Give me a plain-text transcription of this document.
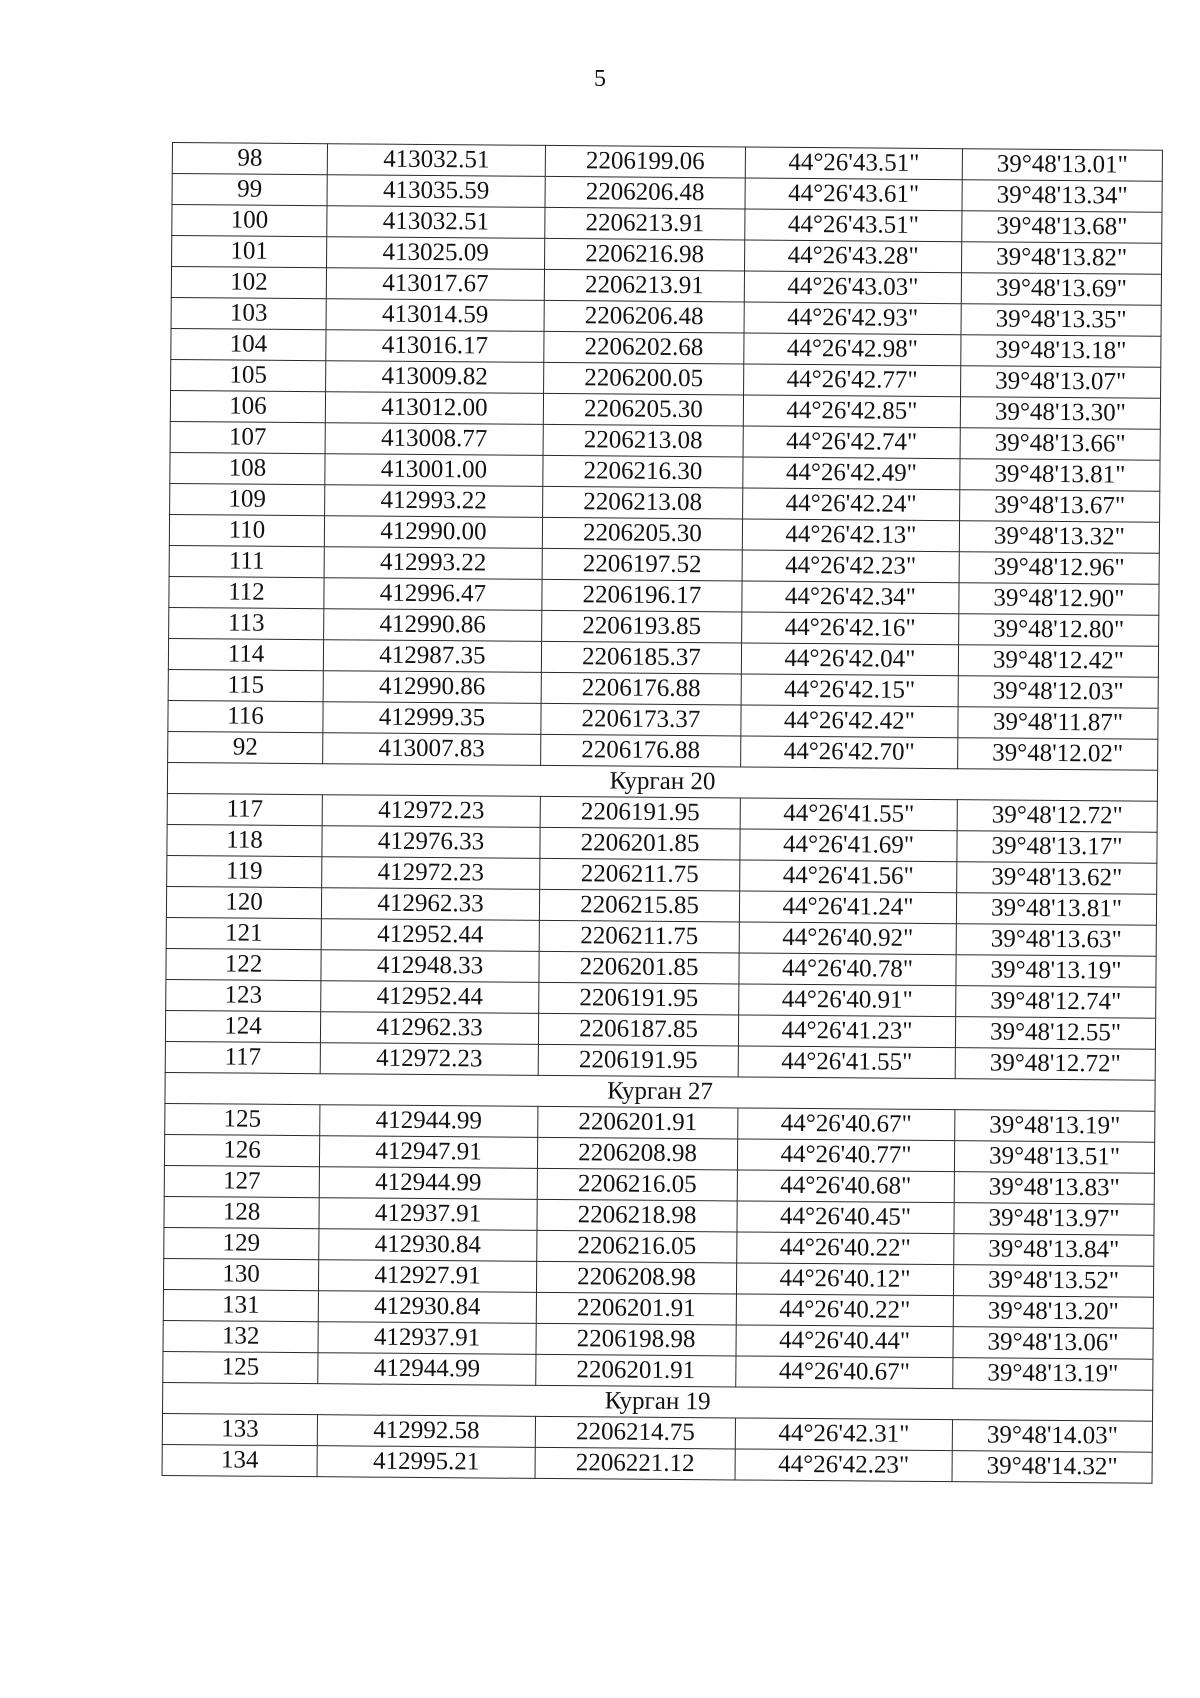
5
98	413032.51	2206199.06	44°26'43.51"	39°48'13.01"
99	413035.59	2206206.48	44°26'43.61"	39°48'13.34"
100	413032.51	2206213.91	44°26'43.51"	39°48'13.68"
101	413025.09	2206216.98	44°26'43.28"	39°48'13.82"
102	413017.67	2206213.91	44°26'43.03"	39°48'13.69"
103	413014.59	2206206.48	44°26'42.93"	39°48'13.35"
104	413016.17	2206202.68	44°26'42.98"	39°48'13.18"
105	413009.82	2206200.05	44°26'42.77"	39°48'13.07"
106	413012.00	2206205.30	44°26'42.85"	39°48'13.30"
107	413008.77	2206213.08	44°26'42.74"	39°48'13.66"
108	413001.00	2206216.30	44°26'42.49"	39°48'13.81"
109	412993.22	2206213.08	44°26'42.24"	39°48'13.67"
110	412990.00	2206205.30	44°26'42.13"	39°48'13.32"
111	412993.22	2206197.52	44°26'42.23"	39°48'12.96"
112	412996.47	2206196.17	44°26'42.34"	39°48'12.90"
113	412990.86	2206193.85	44°26'42.16"	39°48'12.80"
114	412987.35	2206185.37	44°26'42.04"	39°48'12.42"
115	412990.86	2206176.88	44°26'42.15"	39°48'12.03"
116	412999.35	2206173.37	44°26'42.42"	39°48'11.87"
92	413007.83	2206176.88	44°26'42.70"	39°48'12.02"
Курган 20				
117	412972.23	2206191.95	44°26'41.55"	39°48'12.72"
118	412976.33	2206201.85	44°26'41.69"	39°48'13.17"
119	412972.23	2206211.75	44°26'41.56"	39°48'13.62"
120	412962.33	2206215.85	44°26'41.24"	39°48'13.81"
121	412952.44	2206211.75	44°26'40.92"	39°48'13.63"
122	412948.33	2206201.85	44°26'40.78"	39°48'13.19"
123	412952.44	2206191.95	44°26'40.91"	39°48'12.74"
124	412962.33	2206187.85	44°26'41.23"	39°48'12.55"
117	412972.23	2206191.95	44°26'41.55"	39°48'12.72"
Курган 27				
125	412944.99	2206201.91	44°26'40.67"	39°48'13.19"
126	412947.91	2206208.98	44°26'40.77"	39°48'13.51"
127	412944.99	2206216.05	44°26'40.68"	39°48'13.83"
128	412937.91	2206218.98	44°26'40.45"	39°48'13.97"
129	412930.84	2206216.05	44°26'40.22"	39°48'13.84"
130	412927.91	2206208.98	44°26'40.12"	39°48'13.52"
131	412930.84	2206201.91	44°26'40.22"	39°48'13.20"
132	412937.91	2206198.98	44°26'40.44"	39°48'13.06"
125	412944.99	2206201.91	44°26'40.67"	39°48'13.19"
Курган 19				
133	412992.58	2206214.75	44°26'42.31"	39°48'14.03"
134	412995.21	2206221.12	44°26'42.23"	39°48'14.32"
